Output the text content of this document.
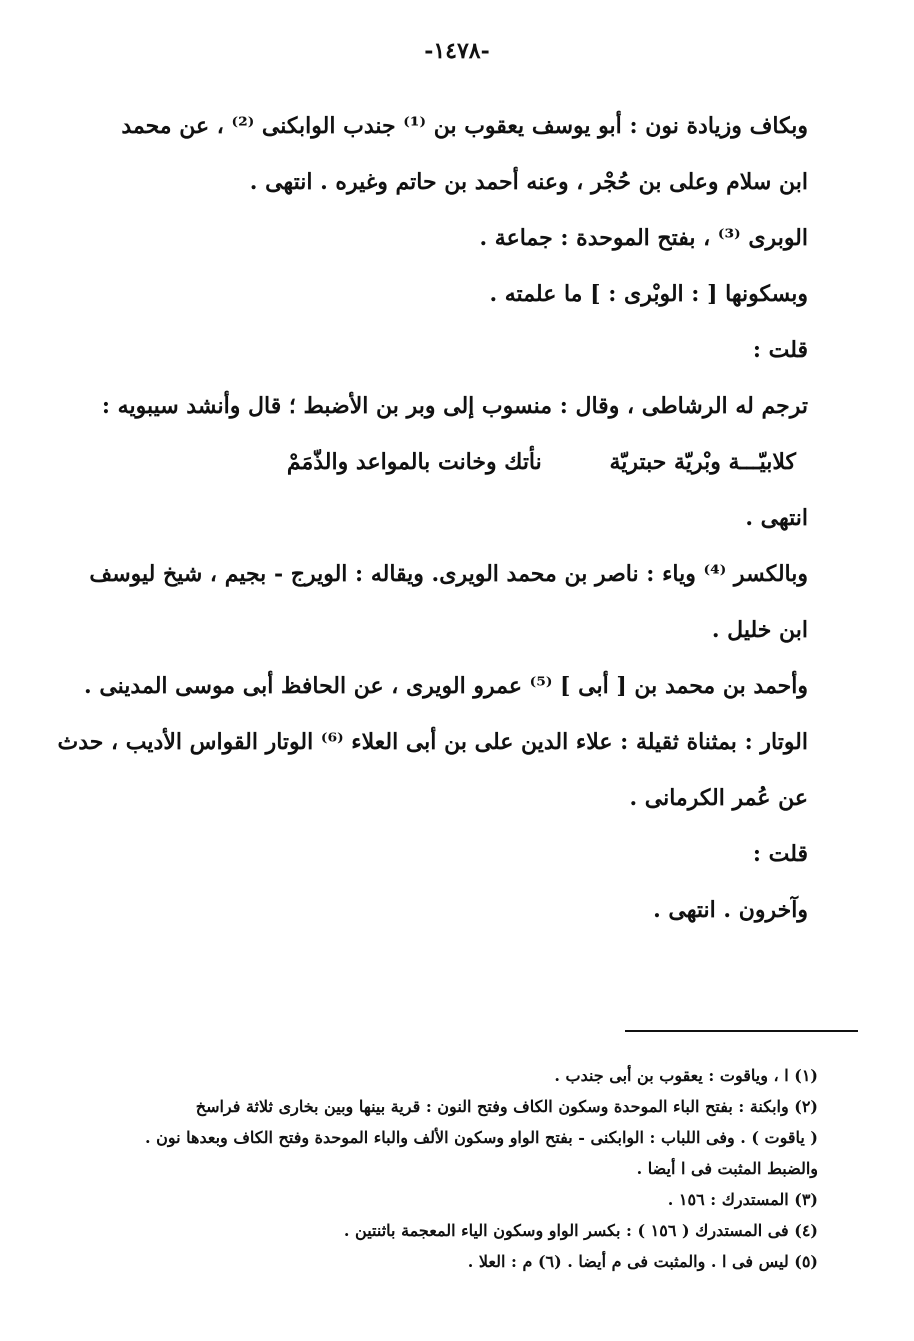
-١٤٧٨-
وبكاف وزيادة نون : أبو يوسف يعقوب بن ⁽¹⁾ جندب الوابكنى ⁽²⁾ ، عن محمد
ابن سلام وعلى بن حُجْر ، وعنه أحمد بن حاتم وغيره . انتهى .
الوبرى ⁽³⁾ ، بفتح الموحدة : جماعة .
وبسكونها [ : الوبْرى : ] ما علمته .
قلت :
ترجم له الرشاطى ، وقال : منسوب إلى وبر بن الأضبط ؛ قال وأنشد سيبويه :
كلابيّـــة وبْريّة حبتريّة نأتك وخانت بالمواعد والذّمَمْ
انتهى .
وبالكسر ⁽⁴⁾ وياء : ناصر بن محمد الويرى. ويقاله : الويرج - بجيم ، شيخ ليوسف
ابن خليل .
وأحمد بن محمد بن [ أبى ] ⁽⁵⁾ عمرو الويرى ، عن الحافظ أبى موسى المدينى .
الوتار : بمثناة ثقيلة : علاء الدين على بن أبى العلاء ⁽⁶⁾ الوتار القواس الأديب ، حدث
عن عُمر الكرمانى .
قلت :
وآخرون . انتهى .
(١) ا ، وياقوت : يعقوب بن أبى جندب .
(٢) وابكنة : بفتح الباء الموحدة وسكون الكاف وفتح النون : قرية بينها وبين بخارى ثلاثة فراسخ
( ياقوت ) . وفى اللباب : الوابكنى - بفتح الواو وسكون الألف والباء الموحدة وفتح الكاف وبعدها نون .
والضبط المثبت فى ا أيضا .
(٣) المستدرك : ١٥٦ .
(٤) فى المستدرك ( ١٥٦ ) : بكسر الواو وسكون الياء المعجمة باثنتين .
(٥) ليس فى ا . والمثبت فى م أيضا . (٦) م : العلا .
